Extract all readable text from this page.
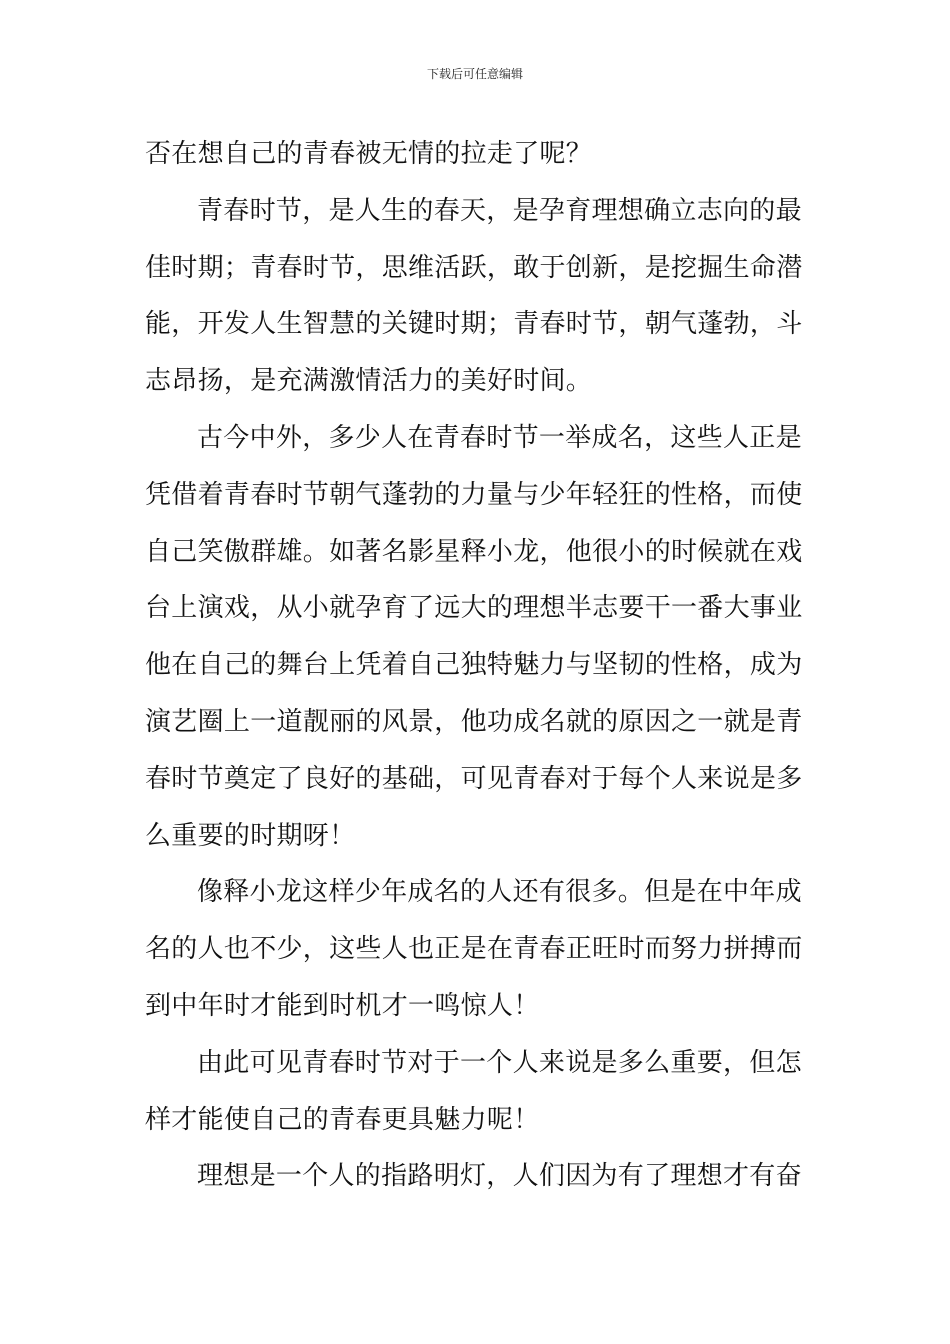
下载后可任意编辑
否在想自己的青春被无情的拉走了呢？
青春时节，是人生的春天，是孕育理想确立志向的最
佳时期；青春时节，思维活跃，敢于创新，是挖掘生命潜
能，开发人生智慧的关键时期；青春时节，朝气蓬勃，斗
志昂扬，是充满激情活力的美好时间。
古今中外，多少人在青春时节一举成名，这些人正是
凭借着青春时节朝气蓬勃的力量与少年轻狂的性格，而使
自己笑傲群雄。如著名影星释小龙，他很小的时候就在戏
台上演戏，从小就孕育了远大的理想半志要干一番大事业
他在自己的舞台上凭着自己独特魅力与坚韧的性格，成为
演艺圈上一道靓丽的风景，他功成名就的原因之一就是青
春时节奠定了良好的基础，可见青春对于每个人来说是多
么重要的时期呀！
像释小龙这样少年成名的人还有很多。但是在中年成
名的人也不少，这些人也正是在青春正旺时而努力拼搏而
到中年时才能到时机才一鸣惊人！
由此可见青春时节对于一个人来说是多么重要，但怎
样才能使自己的青春更具魅力呢！
理想是一个人的指路明灯，人们因为有了理想才有奋
